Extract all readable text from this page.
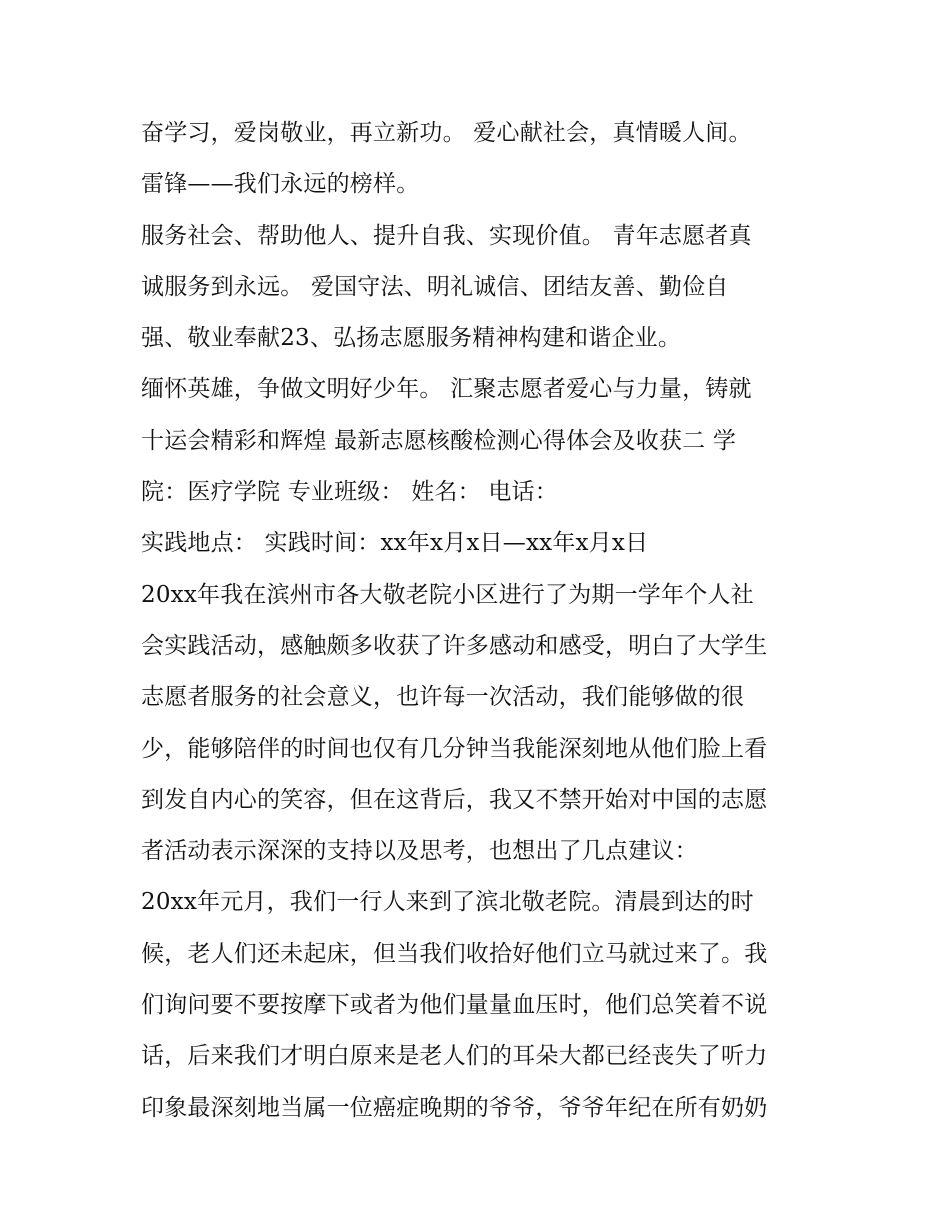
奋学习，爱岗敬业，再立新功。 爱心献社会，真情暖人间。
雷锋——我们永远的榜样。
服务社会、帮助他人、提升自我、实现价值。 青年志愿者真
诚服务到永远。 爱国守法、明礼诚信、团结友善、勤俭自
强、敬业奉献23、弘扬志愿服务精神构建和谐企业。
缅怀英雄，争做文明好少年。 汇聚志愿者爱心与力量，铸就
十运会精彩和辉煌 最新志愿核酸检测心得体会及收获二 学
院：医疗学院 专业班级： 姓名： 电话：
实践地点： 实践时间：xx年x月x日—xx年x月x日
20xx年我在滨州市各大敬老院小区进行了为期一学年个人社
会实践活动，感触颇多收获了许多感动和感受，明白了大学生
志愿者服务的社会意义，也许每一次活动，我们能够做的很
少，能够陪伴的时间也仅有几分钟当我能深刻地从他们脸上看
到发自内心的笑容，但在这背后，我又不禁开始对中国的志愿
者活动表示深深的支持以及思考，也想出了几点建议：
20xx年元月，我们一行人来到了滨北敬老院。清晨到达的时
候，老人们还未起床，但当我们收拾好他们立马就过来了。我
们询问要不要按摩下或者为他们量量血压时，他们总笑着不说
话，后来我们才明白原来是老人们的耳朵大都已经丧失了听力
印象最深刻地当属一位癌症晚期的爷爷，爷爷年纪在所有奶奶
